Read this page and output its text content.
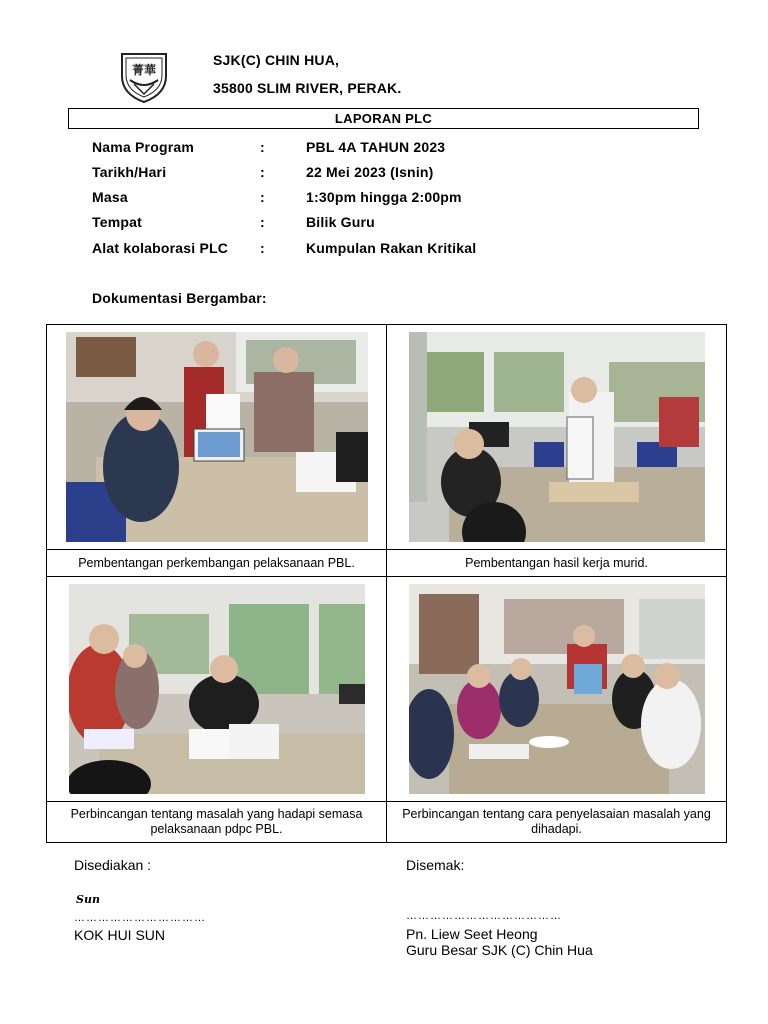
菁華
SJK(C) CHIN HUA,
35800 SLIM RIVER, PERAK.
LAPORAN PLC
Nama Program	:	PBL 4A TAHUN 2023
Tarikh/Hari	:	22 Mei 2023 (Isnin)
Masa	:	1:30pm hingga 2:00pm
Tempat	:	Bilik Guru
Alat kolaborasi PLC :	Kumpulan Rakan Kritikal
Dokumentasi Bergambar:

Pembentangan perkembangan pelaksanaan PBL.	Pembentangan hasil kerja murid.

Perbincangan tentang masalah yang hadapi semasa pelaksanaan pdpc PBL.	Perbincangan tentang cara penyelasaian masalah yang dihadapi.
Disediakan :
Sun
……………………………
KOK HUI SUN
Disemak:
…………………………………
Pn. Liew Seet Heong
Guru Besar SJK (C) Chin Hua
